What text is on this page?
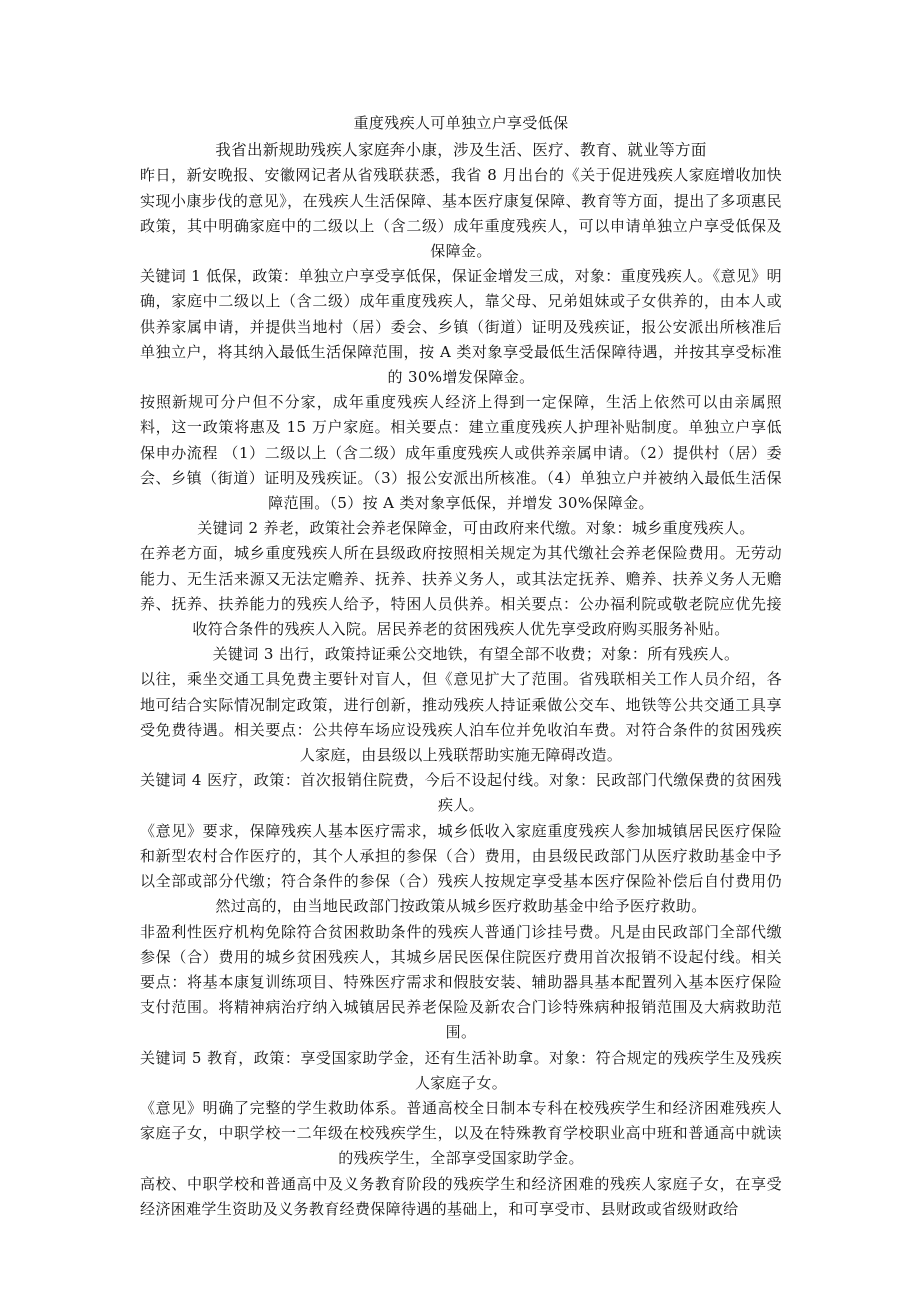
重度残疾人可单独立户享受低保
我省出新规助残疾人家庭奔小康，涉及生活、医疗、教育、就业等方面

昨日，新安晚报、安徽网记者从省残联获悉，我省 8 月出台的《关于促进残疾人家庭增收加快实现小康步伐的意见》，在残疾人生活保障、基本医疗康复保障、教育等方面，提出了多项惠民政策，其中明确家庭中的二级以上（含二级）成年重度残疾人，可以申请单独立户享受低保及保障金。

关键词 1 低保，政策：单独立户享受享低保，保证金增发三成，对象：重度残疾人。《意见》明确，家庭中二级以上（含二级）成年重度残疾人，靠父母、兄弟姐妹或子女供养的，由本人或供养家属申请，并提供当地村（居）委会、乡镇（街道）证明及残疾证，报公安派出所核准后单独立户，将其纳入最低生活保障范围，按 A 类对象享受最低生活保障待遇，并按其享受标准的 30%增发保障金。

按照新规可分户但不分家，成年重度残疾人经济上得到一定保障，生活上依然可以由亲属照料，这一政策将惠及 15 万户家庭。相关要点：建立重度残疾人护理补贴制度。单独立户享低保申办流程 （1）二级以上（含二级）成年重度残疾人或供养亲属申请。（2）提供村（居）委会、乡镇（街道）证明及残疾证。（3）报公安派出所核准。（4）单独立户并被纳入最低生活保障范围。（5）按 A 类对象享低保，并增发 30%保障金。

关键词 2 养老，政策社会养老保障金，可由政府来代缴。对象：城乡重度残疾人。

在养老方面，城乡重度残疾人所在县级政府按照相关规定为其代缴社会养老保险费用。无劳动能力、无生活来源又无法定赡养、抚养、扶养义务人，或其法定抚养、赡养、扶养义务人无赡养、抚养、扶养能力的残疾人给予，特困人员供养。相关要点：公办福利院或敬老院应优先接收符合条件的残疾人入院。居民养老的贫困残疾人优先享受政府购买服务补贴。

关键词 3 出行，政策持证乘公交地铁，有望全部不收费；对象：所有残疾人。

以往，乘坐交通工具免费主要针对盲人，但《意见扩大了范围。省残联相关工作人员介绍，各地可结合实际情况制定政策，进行创新，推动残疾人持证乘做公交车、地铁等公共交通工具享受免费待遇。相关要点：公共停车场应设残疾人泊车位并免收泊车费。对符合条件的贫困残疾人家庭，由县级以上残联帮助实施无障碍改造。

关键词 4 医疗，政策：首次报销住院费，今后不设起付线。对象：民政部门代缴保费的贫困残疾人。

《意见》要求，保障残疾人基本医疗需求，城乡低收入家庭重度残疾人参加城镇居民医疗保险和新型农村合作医疗的，其个人承担的参保（合）费用，由县级民政部门从医疗救助基金中予以全部或部分代缴；符合条件的参保（合）残疾人按规定享受基本医疗保险补偿后自付费用仍然过高的，由当地民政部门按政策从城乡医疗救助基金中给予医疗救助。

非盈利性医疗机构免除符合贫困救助条件的残疾人普通门诊挂号费。凡是由民政部门全部代缴参保（合）费用的城乡贫困残疾人，其城乡居民医保住院医疗费用首次报销不设起付线。相关要点：将基本康复训练项目、特殊医疗需求和假肢安装、辅助器具基本配置列入基本医疗保险支付范围。将精神病治疗纳入城镇居民养老保险及新农合门诊特殊病种报销范围及大病救助范围。

关键词 5 教育，政策：享受国家助学金，还有生活补助拿。对象：符合规定的残疾学生及残疾人家庭子女。

《意见》明确了完整的学生救助体系。普通高校全日制本专科在校残疾学生和经济困难残疾人家庭子女，中职学校一二年级在校残疾学生，以及在特殊教育学校职业高中班和普通高中就读的残疾学生，全部享受国家助学金。

高校、中职学校和普通高中及义务教育阶段的残疾学生和经济困难的残疾人家庭子女，在享受经济困难学生资助及义务教育经费保障待遇的基础上，和可享受市、县财政或省级财政给
